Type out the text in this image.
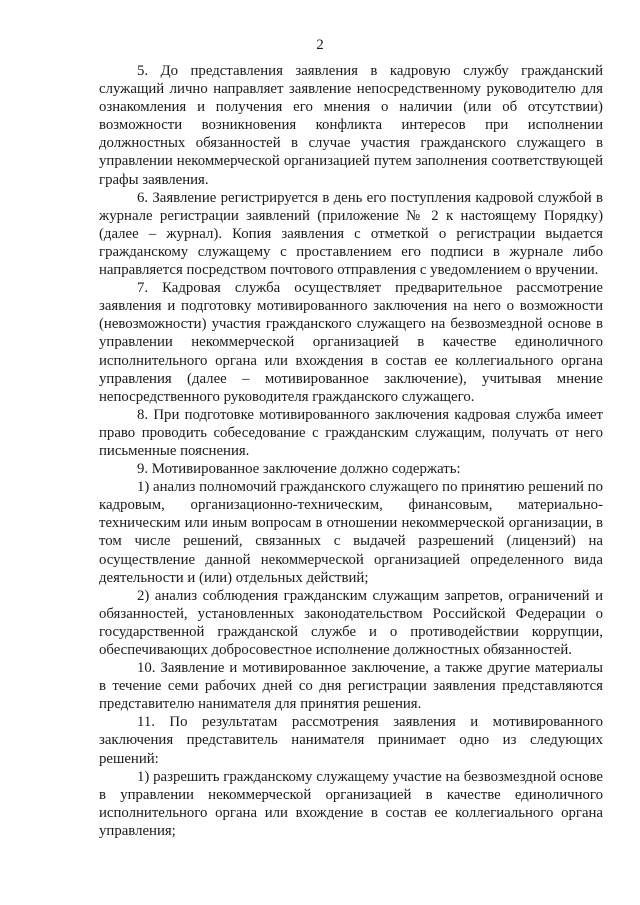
2

5. До представления заявления в кадровую службу гражданский служащий лично направляет заявление непосредственному руководителю для ознакомления и получения его мнения о наличии (или об отсутствии) возможности возникновения конфликта интересов при исполнении должностных обязанностей в случае участия гражданского служащего в управлении некоммерческой организацией путем заполнения соответствующей графы заявления.

6. Заявление регистрируется в день его поступления кадровой службой в журнале регистрации заявлений (приложение № 2 к настоящему Порядку) (далее – журнал). Копия заявления с отметкой о регистрации выдается гражданскому служащему с проставлением его подписи в журнале либо направляется посредством почтового отправления с уведомлением о вручении.

7. Кадровая служба осуществляет предварительное рассмотрение заявления и подготовку мотивированного заключения на него о возможности (невозможности) участия гражданского служащего на безвозмездной основе в управлении некоммерческой организацией в качестве единоличного исполнительного органа или вхождения в состав ее коллегиального органа управления (далее – мотивированное заключение), учитывая мнение непосредственного руководителя гражданского служащего.

8. При подготовке мотивированного заключения кадровая служба имеет право проводить собеседование с гражданским служащим, получать от него письменные пояснения.

9. Мотивированное заключение должно содержать:

1) анализ полномочий гражданского служащего по принятию решений по кадровым, организационно-техническим, финансовым, материально-техническим или иным вопросам в отношении некоммерческой организации, в том числе решений, связанных с выдачей разрешений (лицензий) на осуществление данной некоммерческой организацией определенного вида деятельности и (или) отдельных действий;

2) анализ соблюдения гражданским служащим запретов, ограничений и обязанностей, установленных законодательством Российской Федерации о государственной гражданской службе и о противодействии коррупции, обеспечивающих добросовестное исполнение должностных обязанностей.

10. Заявление и мотивированное заключение, а также другие материалы в течение семи рабочих дней со дня регистрации заявления представляются представителю нанимателя для принятия решения.

11. По результатам рассмотрения заявления и мотивированного заключения представитель нанимателя принимает одно из следующих решений:

1) разрешить гражданскому служащему участие на безвозмездной основе в управлении некоммерческой организацией в качестве единоличного исполнительного органа или вхождение в состав ее коллегиального органа управления;
